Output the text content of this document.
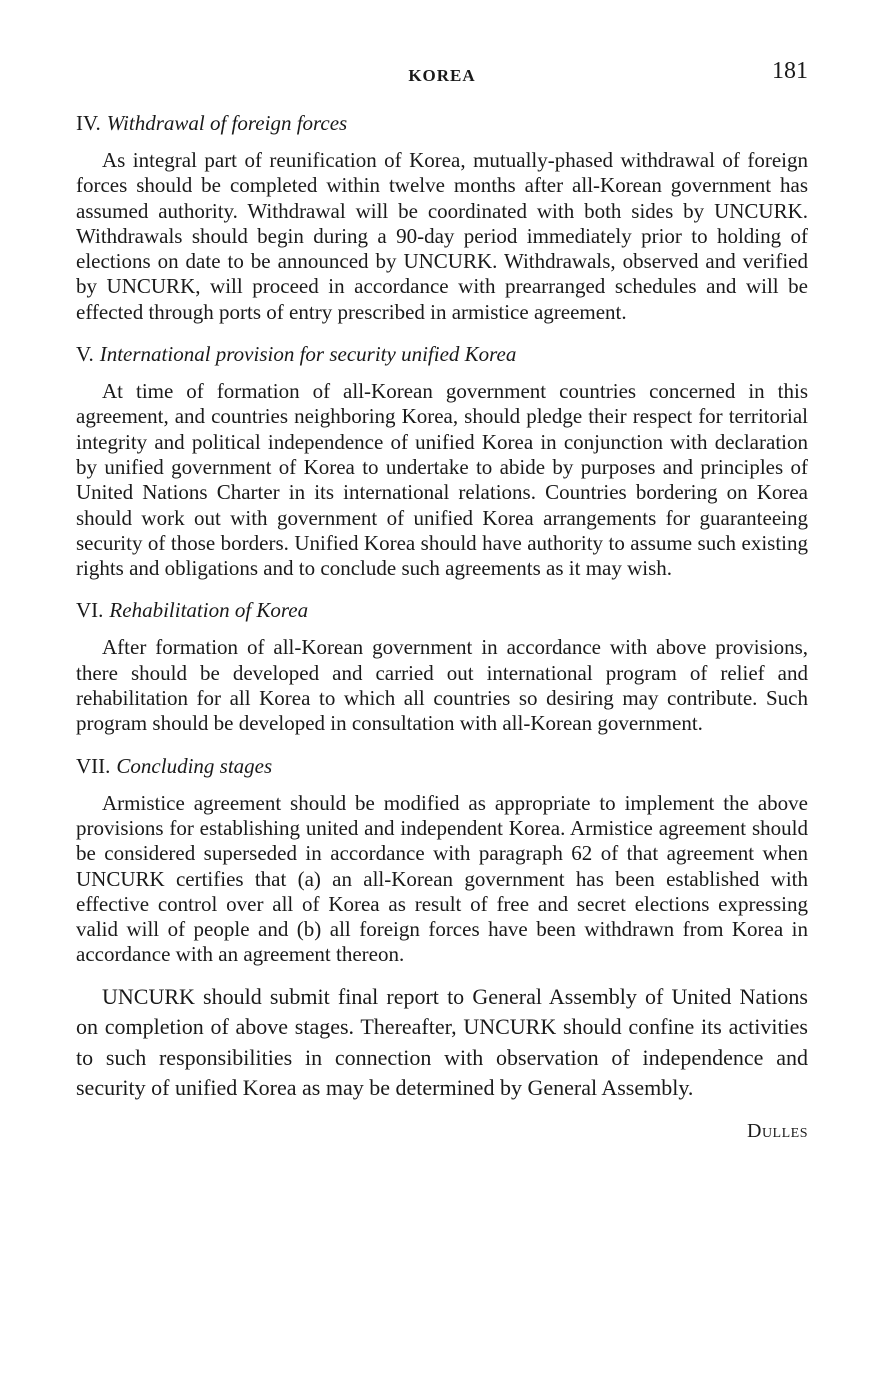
KOREA	181
IV. Withdrawal of foreign forces

As integral part of reunification of Korea, mutually-phased withdrawal of foreign forces should be completed within twelve months after all-Korean government has assumed authority. Withdrawal will be coordinated with both sides by UNCURK. Withdrawals should begin during a 90-day period immediately prior to holding of elections on date to be announced by UNCURK. Withdrawals, observed and verified by UNCURK, will proceed in accordance with prearranged schedules and will be effected through ports of entry prescribed in armistice agreement.

V. International provision for security unified Korea

At time of formation of all-Korean government countries concerned in this agreement, and countries neighboring Korea, should pledge their respect for territorial integrity and political independence of unified Korea in conjunction with declaration by unified government of Korea to undertake to abide by purposes and principles of United Nations Charter in its international relations. Countries bordering on Korea should work out with government of unified Korea arrangements for guaranteeing security of those borders. Unified Korea should have authority to assume such existing rights and obligations and to conclude such agreements as it may wish.

VI. Rehabilitation of Korea

After formation of all-Korean government in accordance with above provisions, there should be developed and carried out international program of relief and rehabilitation for all Korea to which all countries so desiring may contribute. Such program should be developed in consultation with all-Korean government.

VII. Concluding stages

Armistice agreement should be modified as appropriate to implement the above provisions for establishing united and independent Korea. Armistice agreement should be considered superseded in accordance with paragraph 62 of that agreement when UNCURK certifies that (a) an all-Korean government has been established with effective control over all of Korea as result of free and secret elections expressing valid will of people and (b) all foreign forces have been withdrawn from Korea in accordance with an agreement thereon.

UNCURK should submit final report to General Assembly of United Nations on completion of above stages. Thereafter, UNCURK should confine its activities to such responsibilities in connection with observation of independence and security of unified Korea as may be determined by General Assembly.

Dulles
